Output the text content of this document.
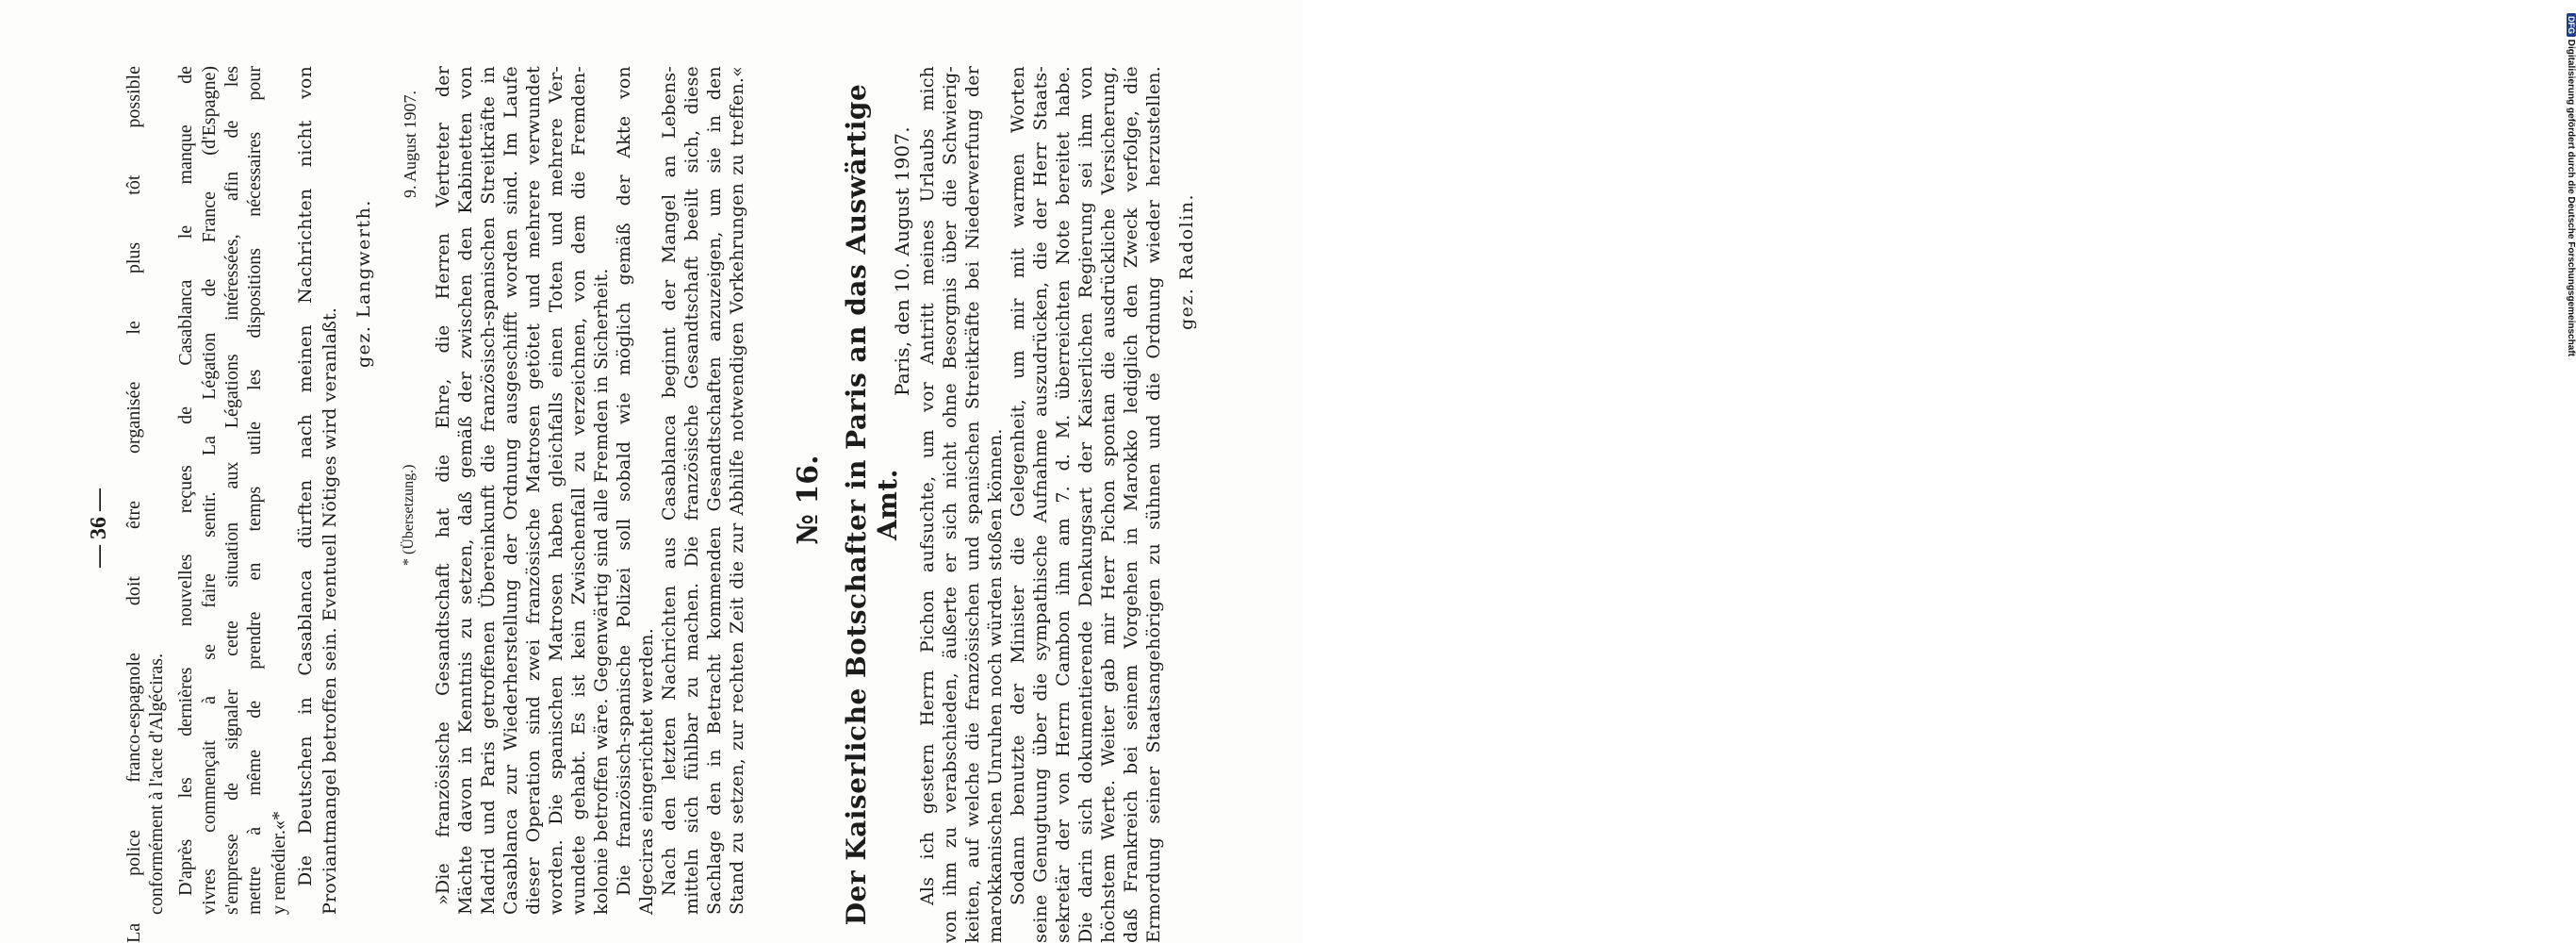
— 36 — La police franco-espagnole doit être organisée le plus tôt possible conformément à l'acte d'Algéciras. D'après les dernières nouvelles reçues de Casablanca le manque de vivres commençait à se faire sentir. La Légation de France (d'Espagne) s'empresse de signaler cette situation aux Légations intéressées, afin de les mettre à même de prendre en temps utile les dispositions nécessaires pour y remédier.«* Die Deutschen in Casablanca dürften nach meinen Nachrichten nicht von Proviantmangel betroffen sein. Eventuell Nötiges wird veranlaßt.
gez. Langwerth.
* (Übersetzung.)
9. August 1907. »Die französische Gesandtschaft hat die Ehre, die Herren Vertreter der Mächte davon in Kenntnis zu setzen, daß gemäß der zwischen den Kabinetten von Madrid und Paris getroffenen Übereinkunft die französisch-spanischen Streitkräfte in Casablanca zur Wiederherstellung der Ordnung ausgeschifft worden sind. Im Laufe dieser Operation sind zwei französische Matrosen getötet und mehrere verwundet worden. Die spanischen Matrosen haben gleichfalls einen Toten und mehrere Ver- wundete gehabt. Es ist kein Zwischenfall zu verzeichnen, von dem die Fremden- kolonie betroffen wäre. Gegenwärtig sind alle Fremden in Sicherheit. Die französisch-spanische Polizei soll sobald wie möglich gemäß der Akte von Algeciras eingerichtet werden. Nach den letzten Nachrichten aus Casablanca beginnt der Mangel an Lebens- mitteln sich fühlbar zu machen. Die französische Gesandtschaft beeilt sich, diese Sachlage den in Betracht kommenden Gesandtschaften anzuzeigen, um sie in den Stand zu setzen, zur rechten Zeit die zur Abhilfe notwendigen Vorkehrungen zu treffen.« № 16. Der Kaiserliche Botschafter in Paris an das Auswärtige Amt.
Paris, den 10. August 1907. Als ich gestern Herrn Pichon aufsuchte, um vor Antritt meines Urlaubs mich von ihm zu verabschieden, äußerte er sich nicht ohne Besorgnis über die Schwierig- keiten, auf welche die französischen und spanischen Streitkräfte bei Niederwerfung der marokkanischen Unruhen noch würden stoßen können. Sodann benutzte der Minister die Gelegenheit, um mir mit warmen Worten seine Genugtuung über die sympathische Aufnahme auszudrücken, die der Herr Staats- sekretär der von Herrn Cambon ihm am 7. d. M. überreichten Note bereitet habe. Die darin sich dokumentierende Denkungsart der Kaiserlichen Regierung sei ihm von höchstem Werte. Weiter gab mir Herr Pichon spontan die ausdrückliche Versicherung, daß Frankreich bei seinem Vorgehen in Marokko lediglich den Zweck verfolge, die Ermordung seiner Staatsangehörigen zu sühnen und die Ordnung wieder herzustellen. gez. Radolin.
DFG Digitalisierung gefördert durch die Deutsche Forschungsgemeinschaft
